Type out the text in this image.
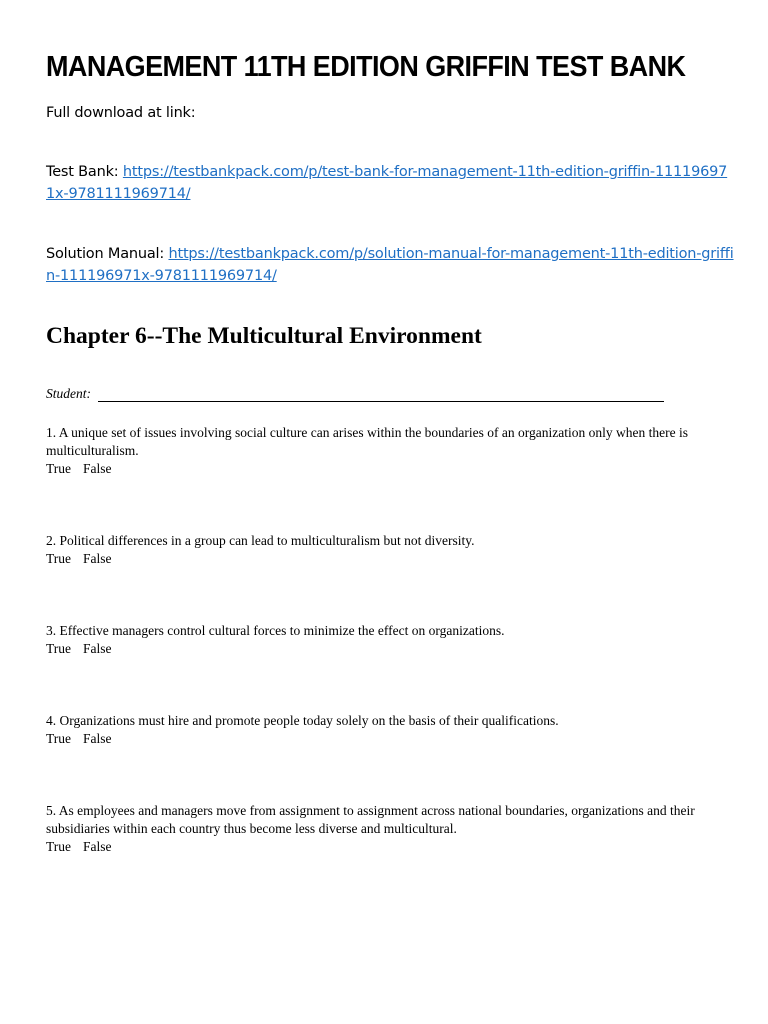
MANAGEMENT 11TH EDITION GRIFFIN TEST BANK
Full download at link:
Test Bank: https://testbankpack.com/p/test-bank-for-management-11th-edition-griffin-111196971x-9781111969714/
Solution Manual: https://testbankpack.com/p/solution-manual-for-management-11th-edition-griffin-111196971x-9781111969714/
Chapter 6--The Multicultural Environment
Student:
1. A unique set of issues involving social culture can arises within the boundaries of an organization only when there is multiculturalism.
True False
2. Political differences in a group can lead to multiculturalism but not diversity.
True False
3. Effective managers control cultural forces to minimize the effect on organizations.
True False
4. Organizations must hire and promote people today solely on the basis of their qualifications.
True False
5. As employees and managers move from assignment to assignment across national boundaries, organizations and their subsidiaries within each country thus become less diverse and multicultural.
True False
